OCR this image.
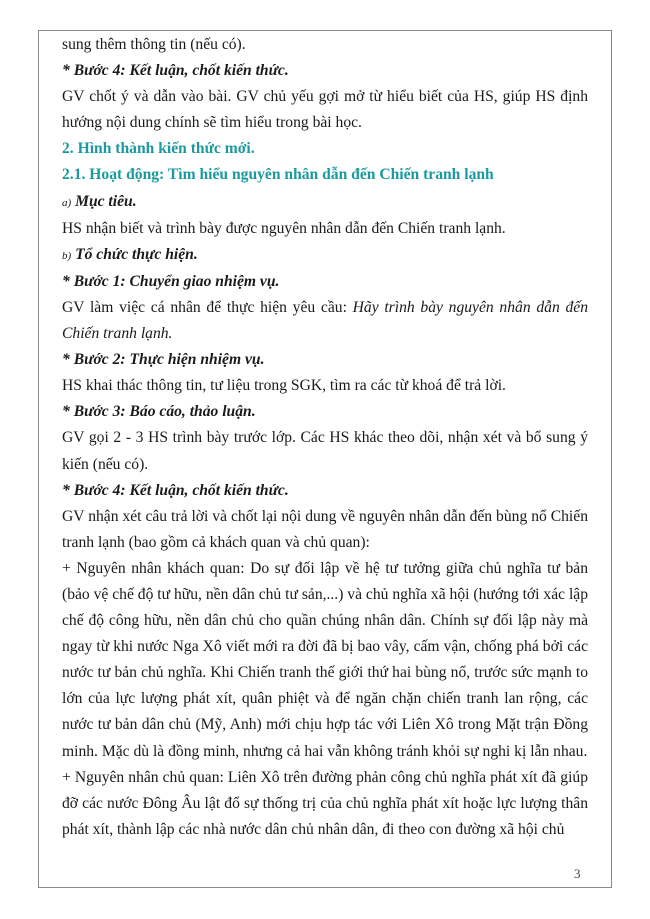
sung thêm thông tin (nếu có).

* Bước 4: Kết luận, chốt kiến thức.

GV chốt ý và dẫn vào bài. GV chủ yếu gợi mở từ hiểu biết của HS, giúp HS định hướng nội dung chính sẽ tìm hiểu trong bài học.

2. Hình thành kiến thức mới.

2.1. Hoạt động: Tìm hiểu nguyên nhân dẫn đến Chiến tranh lạnh

a) Mục tiêu.

HS nhận biết và trình bày được nguyên nhân dẫn đến Chiến tranh lạnh.

b) Tổ chức thực hiện.

* Bước 1: Chuyển giao nhiệm vụ.

GV làm việc cá nhân để thực hiện yêu cầu: Hãy trình bày nguyên nhân dẫn đến Chiến tranh lạnh.

* Bước 2: Thực hiện nhiệm vụ.

HS khai thác thông tin, tư liệu trong SGK, tìm ra các từ khoá để trả lời.

* Bước 3: Báo cáo, thảo luận.

GV gọi 2 - 3 HS trình bày trước lớp. Các HS khác theo dõi, nhận xét và bổ sung ý kiến (nếu có).

* Bước 4: Kết luận, chốt kiến thức.

GV nhận xét câu trả lời và chốt lại nội dung về nguyên nhân dẫn đến bùng nổ Chiến tranh lạnh (bao gồm cả khách quan và chủ quan):

+ Nguyên nhân khách quan: Do sự đối lập về hệ tư tưởng giữa chủ nghĩa tư bản (bảo vệ chế độ tư hữu, nền dân chủ tư sản,...) và chủ nghĩa xã hội (hướng tới xác lập chế độ công hữu, nền dân chủ cho quần chúng nhân dân. Chính sự đối lập này mà ngay từ khi nước Nga Xô viết mới ra đời đã bị bao vây, cấm vận, chống phá bởi các nước tư bản chủ nghĩa. Khi Chiến tranh thế giới thứ hai bùng nổ, trước sức mạnh to lớn của lực lượng phát xít, quân phiệt và để ngăn chặn chiến tranh lan rộng, các nước tư bản dân chủ (Mỹ, Anh) mới chịu hợp tác với Liên Xô trong Mặt trận Đồng minh. Mặc dù là đồng minh, nhưng cả hai vẫn không tránh khỏi sự nghi kị lẫn nhau.

+ Nguyên nhân chủ quan: Liên Xô trên đường phản công chủ nghĩa phát xít đã giúp đỡ các nước Đông Âu lật đổ sự thống trị của chủ nghĩa phát xít hoặc lực lượng thân phát xít, thành lập các nhà nước dân chủ nhân dân, đi theo con đường xã hội chủ

3
